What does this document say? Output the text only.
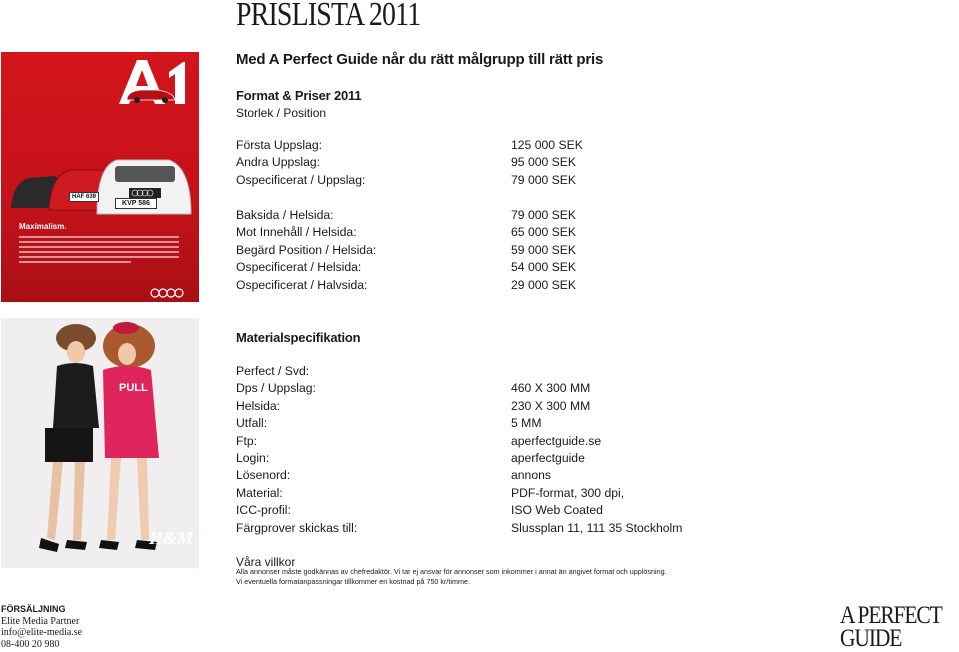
PRISLISTA 2011
Med A Perfect Guide når du rätt målgrupp till rätt pris
KVP 586
HAF 639
Maximalism.
PULL
H&M
Format & Priser 2011
Storlek / Position
Första Uppslag:
Andra Uppslag:
Ospecificerat / Uppslag:
125 000 SEK
95 000 SEK
79 000 SEK
Baksida / Helsida:
Mot Innehåll / Helsida:
Begärd Position / Helsida:
Ospecificerat / Helsida:
Ospecificerat / Halvsida:
79 000 SEK
65 000 SEK
59 000 SEK
54 000 SEK
29 000 SEK
Materialspecifikation
Perfect / Svd:
Dps / Uppslag:
Helsida:
Utfall:
Ftp:
Login:
Lösenord:
Material:
ICC-profil:
Färgprover skickas till:

460 X 300 MM
230 X 300 MM
5 MM
aperfectguide.se
aperfectguide
annons
PDF-format, 300 dpi,
ISO Web Coated
Slussplan 11, 111 35 Stockholm
Våra villkor
Alla annonser måste godkännas av chefredaktör. Vi tar ej ansvar för annonser som inkommer i annat än angivet format och upplösning.
Vi eventuella formatanpassningar tillkommer en kostnad på 750 kr/timme.
FÖRSÄLJNING
Elite Media Partner
info@elite-media.se
08-400 20 980
A PERFECT
GUIDE
